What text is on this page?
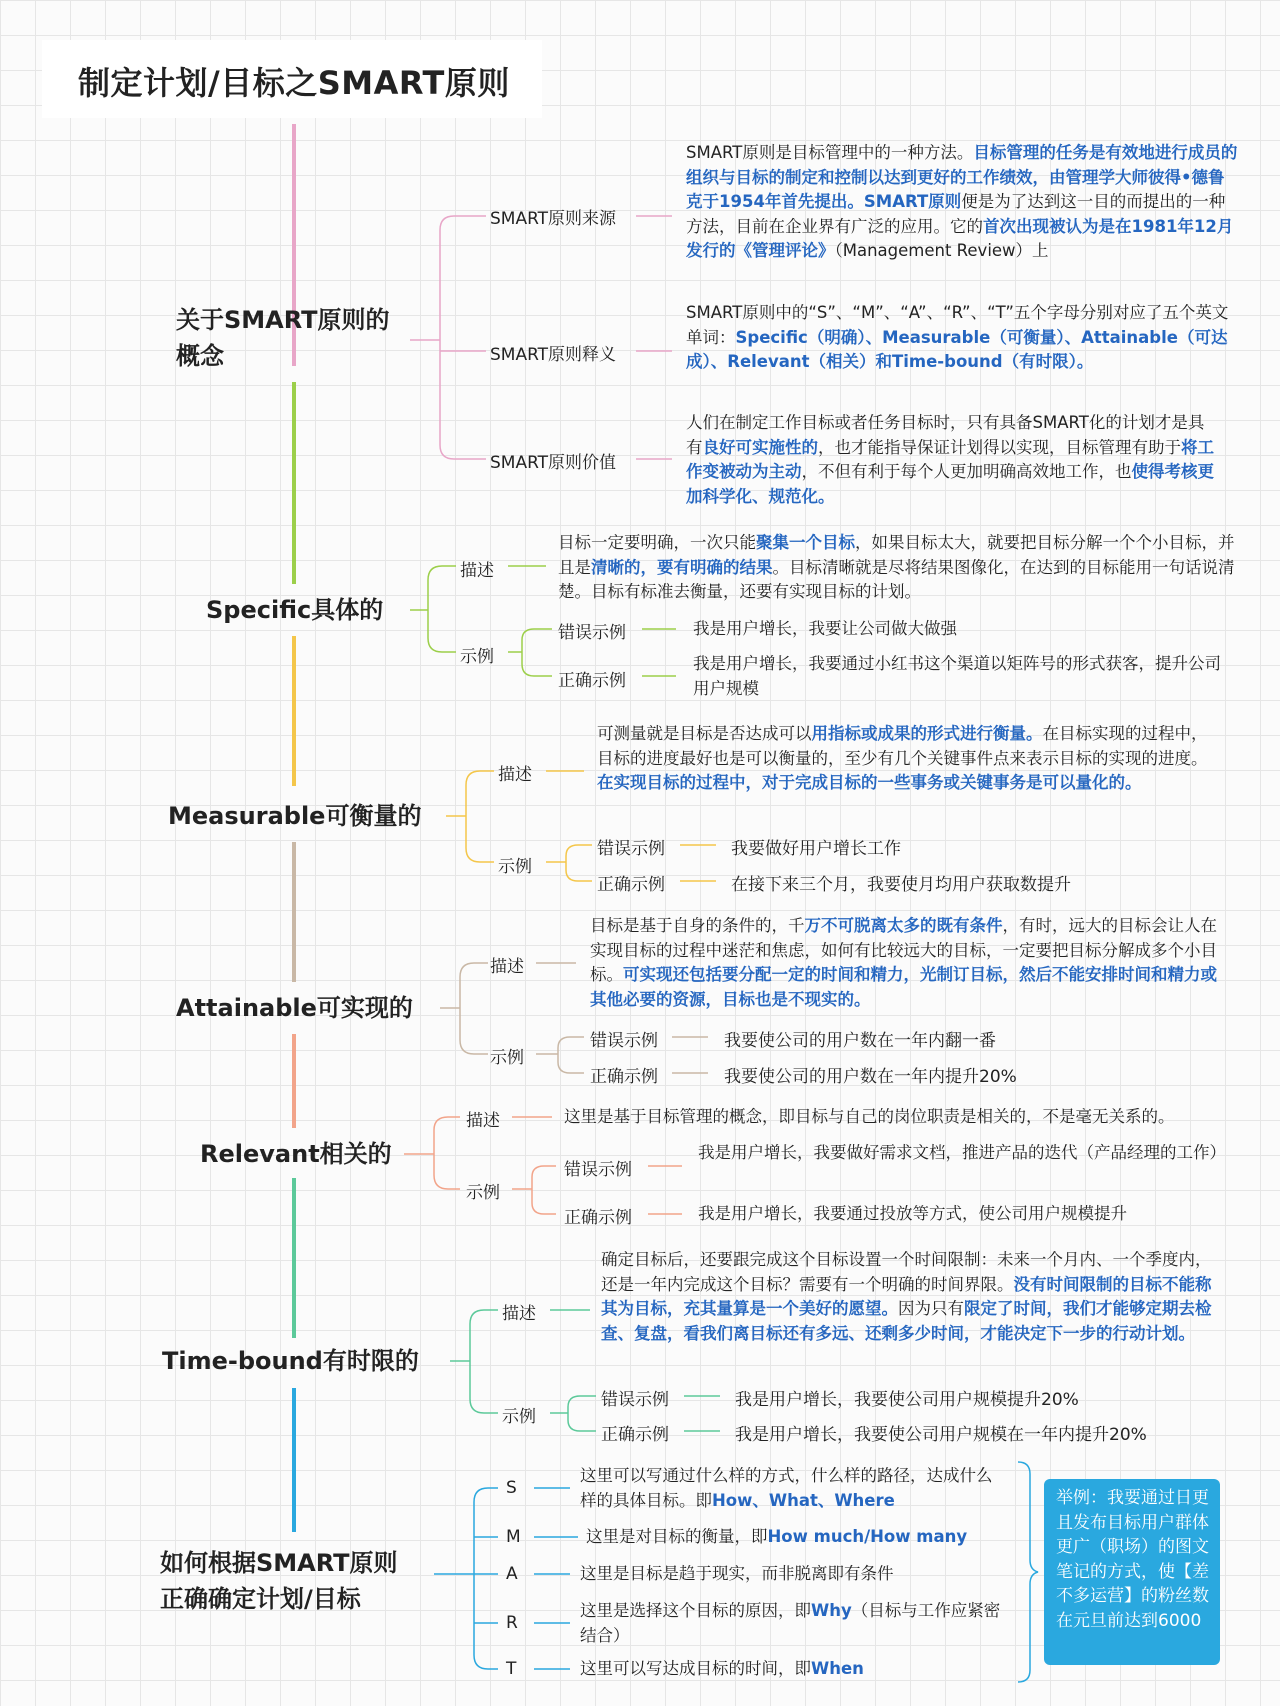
制定计划/目标之SMART原则
关于SMART原则的
概念
SMART原则来源
SMART原则释义
SMART原则价值
SMART原则是目标管理中的一种方法。目标管理的任务是有效地进行成员的组织与目标的制定和控制以达到更好的工作绩效，由管理学大师彼得•德鲁克于1954年首先提出。SMART原则便是为了达到这一目的而提出的一种方法，目前在企业界有广泛的应用。它的首次出现被认为是在1981年12月发行的《管理评论》（Management Review）上
SMART原则中的“S”、“M”、“A”、“R”、“T”五个字母分别对应了五个英文单词：Specific（明确）、Measurable（可衡量）、Attainable（可达成）、Relevant（相关）和Time-bound（有时限）。
人们在制定工作目标或者任务目标时，只有具备SMART化的计划才是具有良好可实施性的，也才能指导保证计划得以实现，目标管理有助于将工作变被动为主动，不但有利于每个人更加明确高效地工作，也使得考核更加科学化、规范化。
Specific具体的
描述
示例
目标一定要明确，一次只能聚集一个目标，如果目标太大，就要把目标分解一个个小目标，并且是清晰的，要有明确的结果。目标清晰就是尽将结果图像化，在达到的目标能用一句话说清楚。目标有标准去衡量，还要有实现目标的计划。
错误示例
正确示例
我是用户增长，我要让公司做大做强
我是用户增长，我要通过小红书这个渠道以矩阵号的形式获客，提升公司用户规模
Measurable可衡量的
描述
示例
可测量就是目标是否达成可以用指标或成果的形式进行衡量。在目标实现的过程中，目标的进度最好也是可以衡量的，至少有几个关键事件点来表示目标的实现的进度。在实现目标的过程中，对于完成目标的一些事务或关键事务是可以量化的。
错误示例
正确示例
我要做好用户增长工作
在接下来三个月，我要使月均用户获取数提升
Attainable可实现的
描述
示例
目标是基于自身的条件的，千万不可脱离太多的既有条件，有时，远大的目标会让人在实现目标的过程中迷茫和焦虑，如何有比较远大的目标，一定要把目标分解成多个小目标。可实现还包括要分配一定的时间和精力，光制订目标，然后不能安排时间和精力或其他必要的资源，目标也是不现实的。
错误示例
正确示例
我要使公司的用户数在一年内翻一番
我要使公司的用户数在一年内提升20%
Relevant相关的
描述
示例
这里是基于目标管理的概念，即目标与自己的岗位职责是相关的，不是毫无关系的。
错误示例
正确示例
我是用户增长，我要做好需求文档，推进产品的迭代（产品经理的工作）
我是用户增长，我要通过投放等方式，使公司用户规模提升
Time-bound有时限的
描述
示例
确定目标后，还要跟完成这个目标设置一个时间限制：未来一个月内、一个季度内，还是一年内完成这个目标？需要有一个明确的时间界限。没有时间限制的目标不能称其为目标，充其量算是一个美好的愿望。因为只有限定了时间，我们才能够定期去检查、复盘，看我们离目标还有多远、还剩多少时间，才能决定下一步的行动计划。
错误示例
正确示例
我是用户增长，我要使公司用户规模提升20%
我是用户增长，我要使公司用户规模在一年内提升20%
如何根据SMART原则
正确确定计划/目标
S
M
A
R
T
这里可以写通过什么样的方式，什么样的路径，达成什么样的具体目标。即How、What、Where
这里是对目标的衡量，即How much/How many
这里是目标是趋于现实，而非脱离即有条件
这里是选择这个目标的原因，即Why（目标与工作应紧密结合）
这里可以写达成目标的时间，即When
举例：我要通过日更且发布目标用户群体更广（职场）的图文笔记的方式，使【差不多运营】的粉丝数在元旦前达到6000
